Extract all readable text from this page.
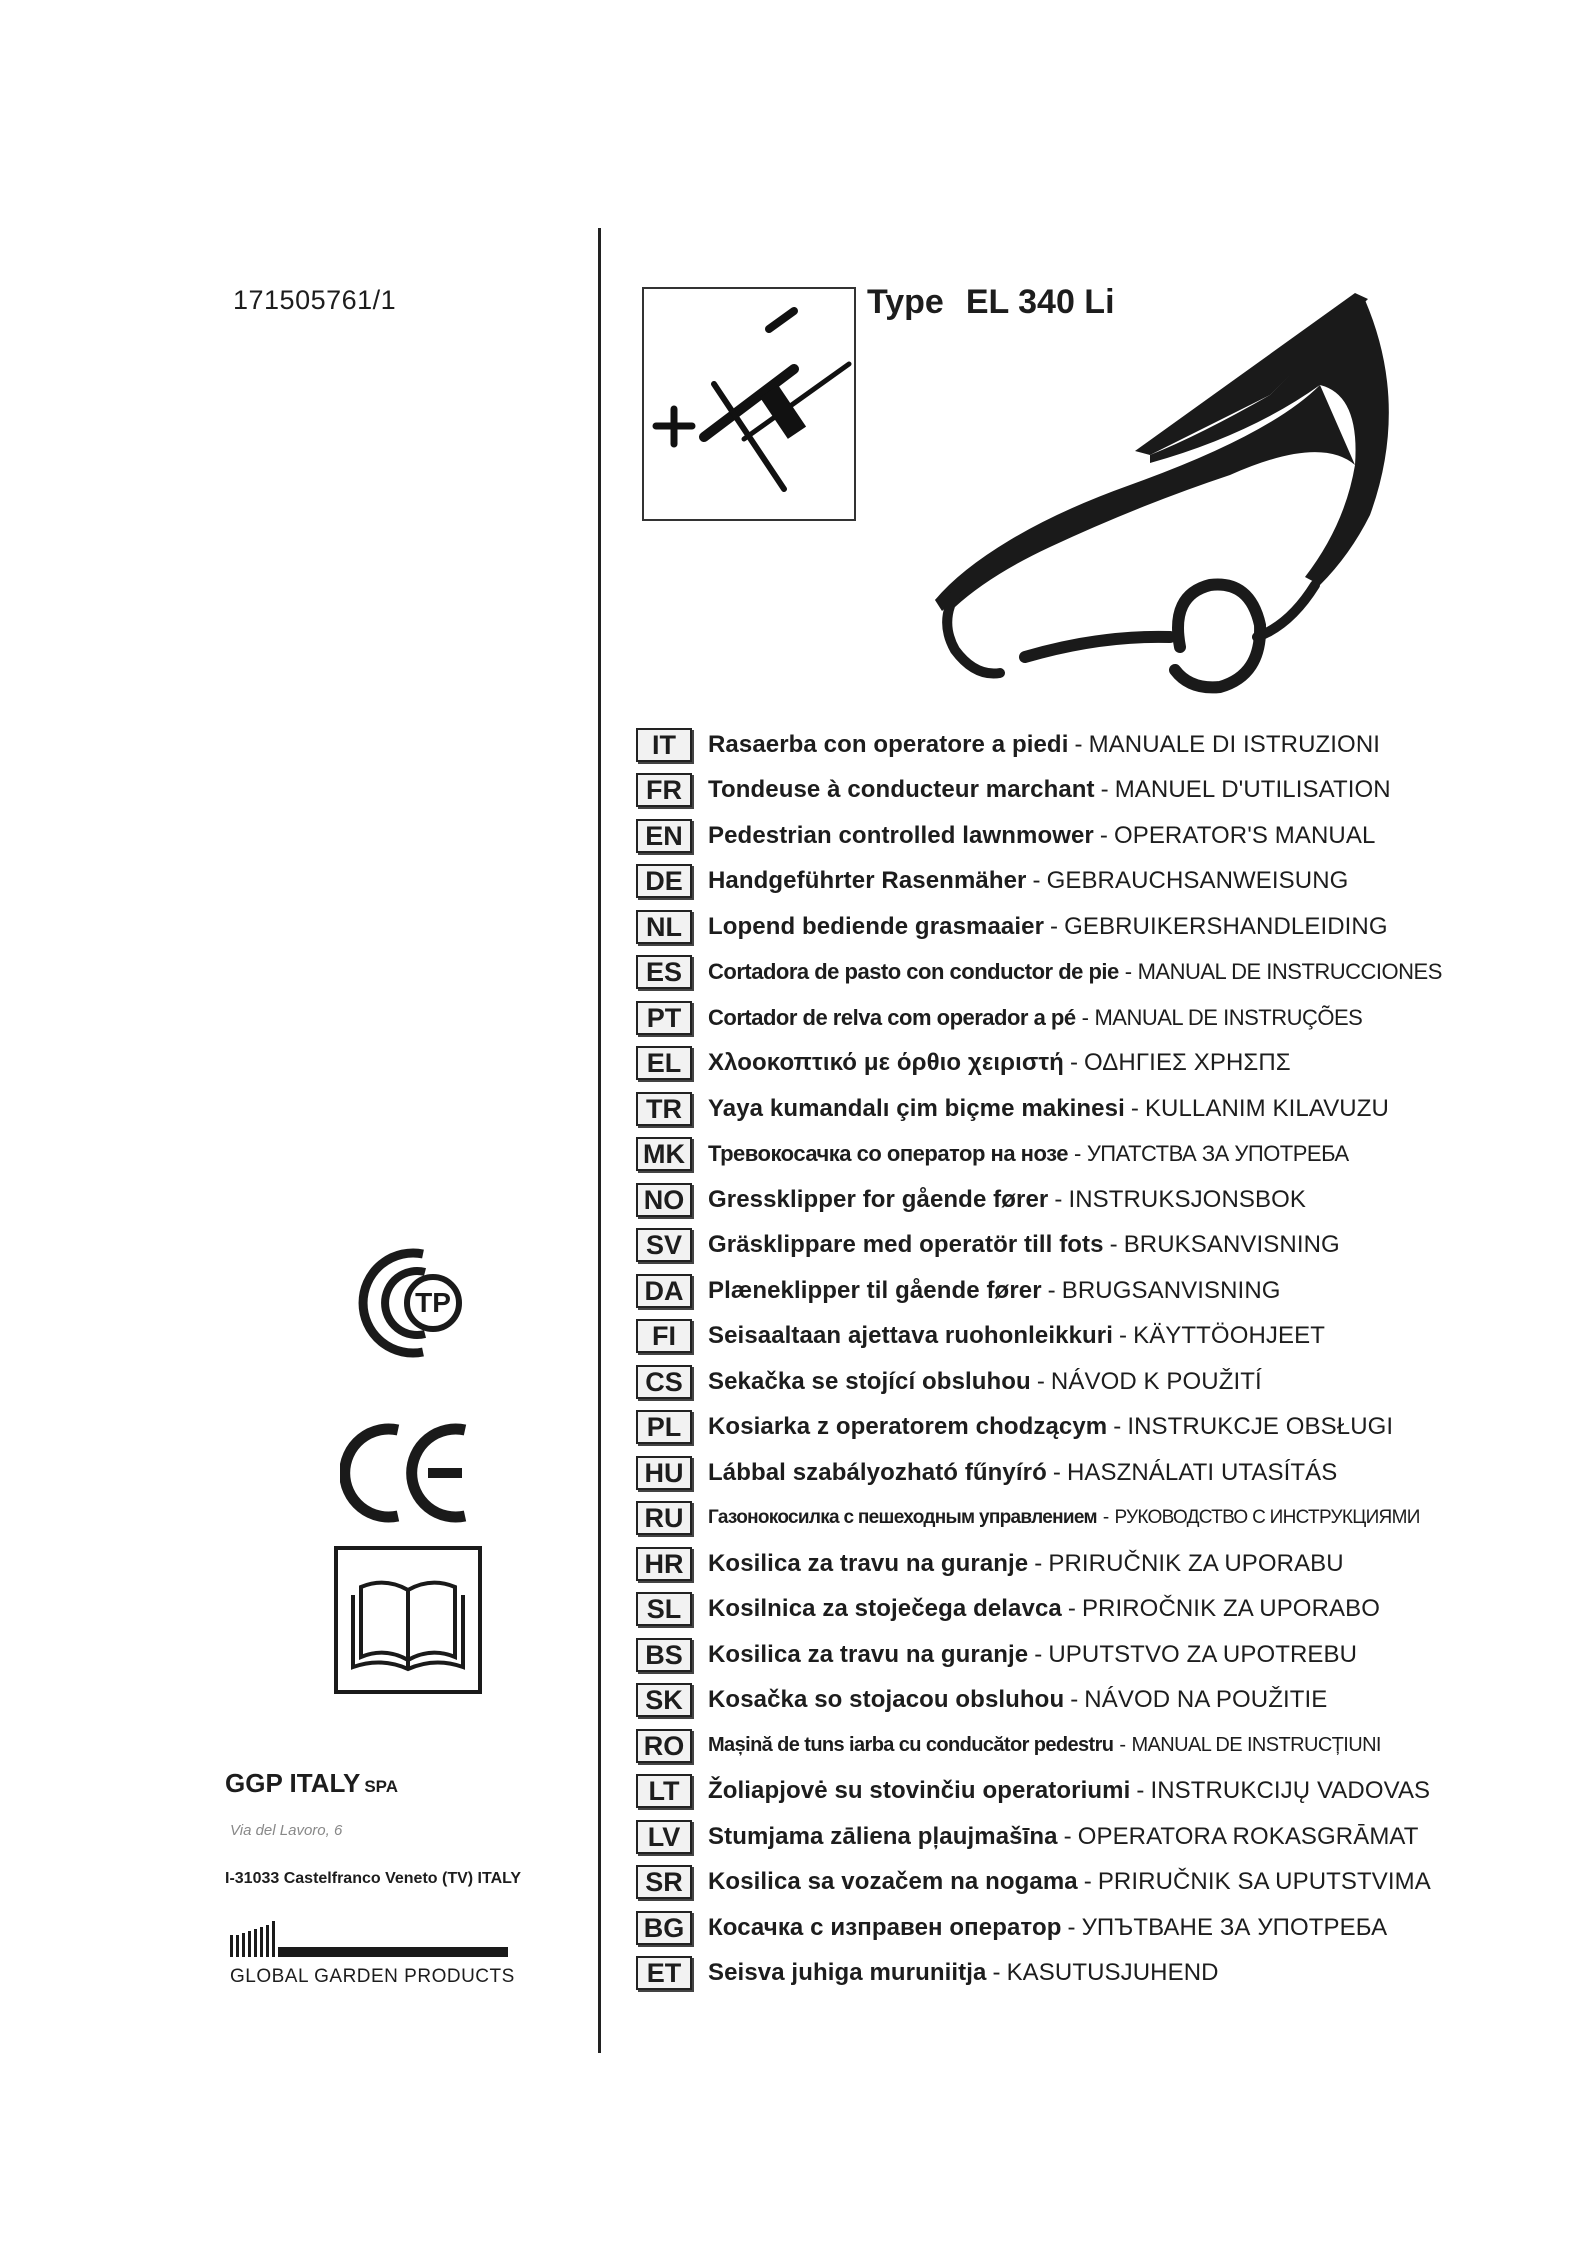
171505761/1	Type EL 340 Li
IT	Rasaerba con operatore a piedi - MANUALE DI ISTRUZIONI
FR	Tondeuse à conducteur marchant - MANUEL D'UTILISATION
EN	Pedestrian controlled lawnmower - OPERATOR'S MANUAL
DE	Handgeführter Rasenmäher - GEBRAUCHSANWEISUNG
NL	Lopend bediende grasmaaier - GEBRUIKERSHANDLEIDING
ES	Cortadora de pasto con conductor de pie - MANUAL DE INSTRUCCIONES
PT	Cortador de relva com operador a pé - MANUAL DE INSTRUÇÕES
EL	Χλοοκοπτικό με όρθιο χειριστή - ΟΔΗΓΙΕΣ ΧΡΗΣΠΣ
TR	Yaya kumandalı çim biçme makinesi - KULLANIM KILAVUZU
MK	Тревокосачка со оператор на нозе - УПАТСТВА ЗА УПОТРЕБА
NO Gressklipper for gående fører - INSTRUKSJONSBOK
SV	Gräsklippare med operatör till fots - BRUKSANVISNING
DA	Plæneklipper til gående fører - BRUGSANVISNING
FI	Seisaaltaan ajettava ruohonleikkuri - KÄYTTÖOHJEET
CS	Sekačka se stojící obsluhou - NÁVOD K POUŽITÍ
PL	Kosiarka z operatorem chodzącym - INSTRUKCJE OBSŁUGI
HU	Lábbal szabályozható fűnyíró - HASZNÁLATI UTASÍTÁS
RU	Газонокосилка с пешеходным управлением - РУКОВОДСТВО С ИНСТРУКЦИЯМИ
HR	Kosilica za travu na guranje - PRIRUČNIK ZA UPORABU
SL	Kosilnica za stoječega delavca - PRIROČNIK ZA UPORABO
BS	Kosilica za travu na guranje - UPUTSTVO ZA UPOTREBU
SK	Kosačka so stojacou obsluhou - NÁVOD NA POUŽITIE
RO	Mașină de tuns iarba cu conducător pedestru - MANUAL DE INSTRUCȚIUNI
LT	Žoliapjovė su stovinčiu operatoriumi - INSTRUKCIJŲ VADOVAS
LV	Stumjama zāliena pļaujmašīna - OPERATORA ROKASGRĀMAT
SR	Kosilica sa vozačem na nogama - PRIRUČNIK SA UPUTSTVIMA
BG Косачка с изправен оператор - УПЪТВАНЕ ЗА УПОТРЕБА
ET	Seisva juhiga muruniitja - KASUTUSJUHEND
TP
GGP ITALY SPA
Via del Lavoro, 6
I-31033 Castelfranco Veneto (TV) ITALY
GLOBAL GARDEN PRODUCTS
